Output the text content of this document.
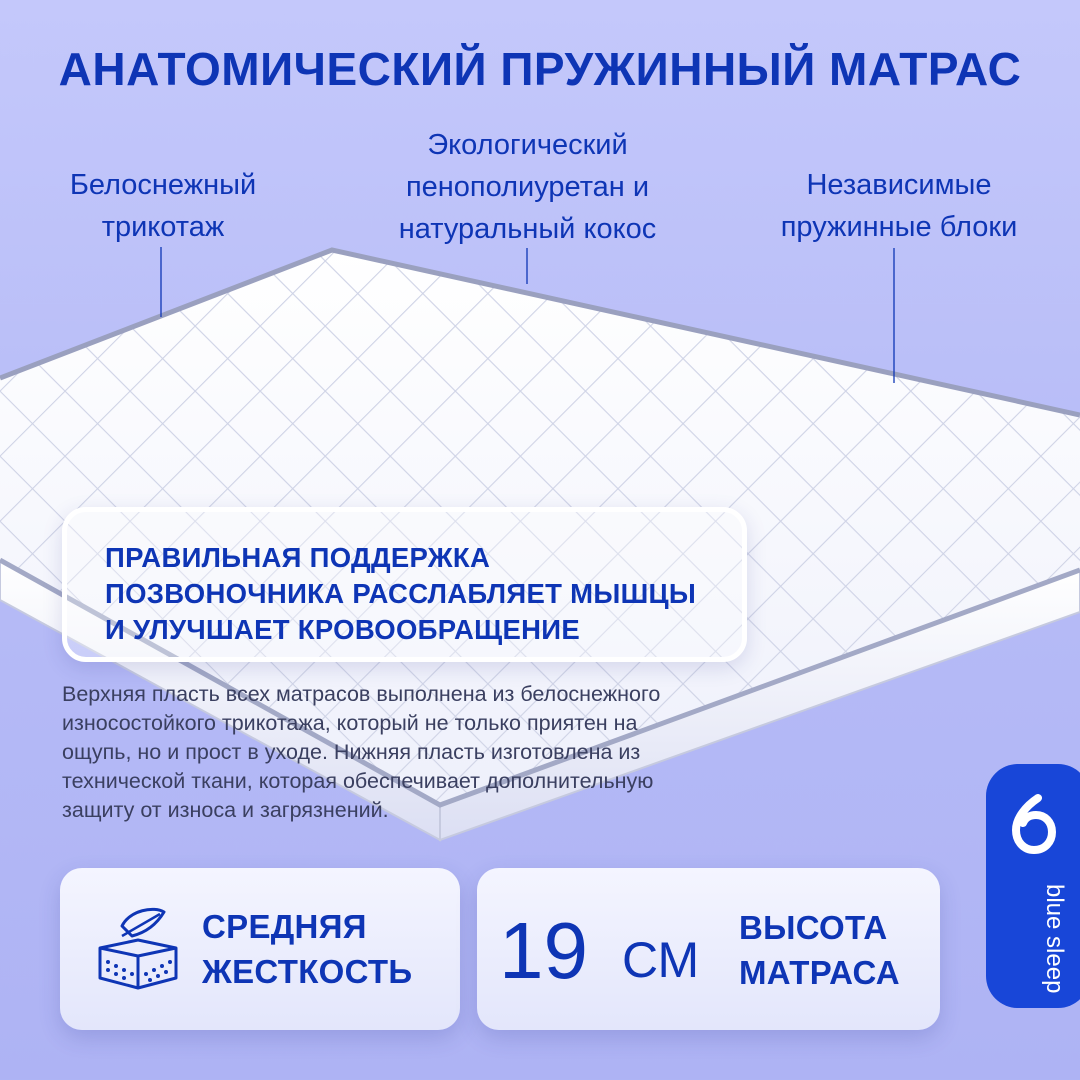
АНАТОМИЧЕСКИЙ ПРУЖИННЫЙ МАТРАС
Белоснежный
трикотаж
Экологический
пенополиуретан и
натуральный кокос
Независимые
пружинные блоки
ПРАВИЛЬНАЯ ПОДДЕРЖКА
ПОЗВОНОЧНИКА РАССЛАБЛЯЕТ МЫШЦЫ
И УЛУЧШАЕТ КРОВООБРАЩЕНИЕ
Верхняя пласть всех матрасов выполнена из белоснежного
износостойкого трикотажа, который не только приятен на
ощупь, но и прост в уходе. Нижняя пласть изготовлена из
технической ткани, которая обеспечивает дополнительную
защиту от износа и загрязнений.
СРЕДНЯЯ
ЖЕСТКОСТЬ 19 СМ
ВЫСОТА
МАТРАСА	blue sleep
